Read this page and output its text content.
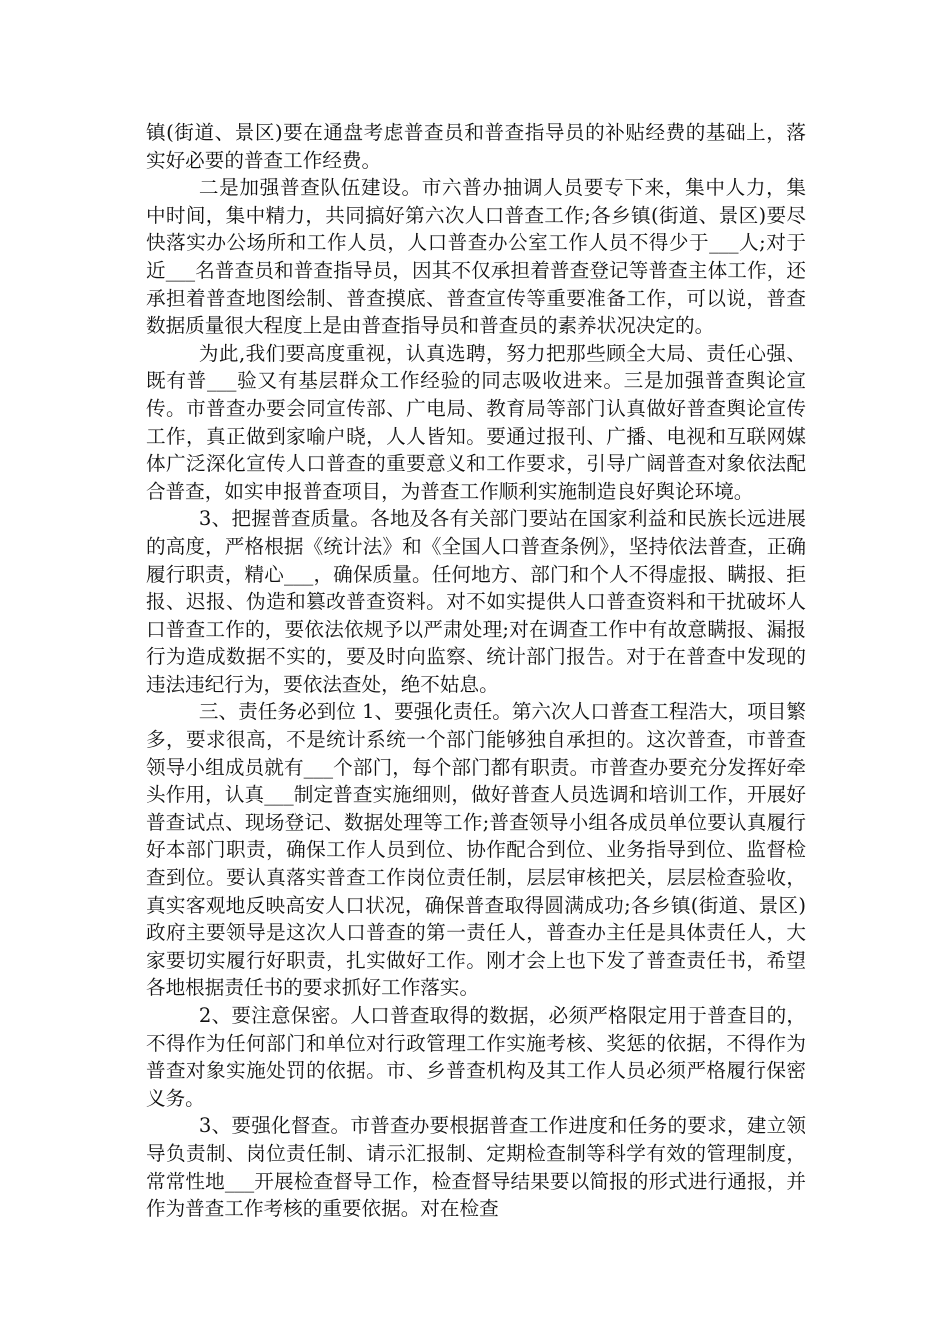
镇(街道、景区)要在通盘考虑普查员和普查指导员的补贴经费的基础上，落实好必要的普查工作经费。

二是加强普查队伍建设。市六普办抽调人员要专下来，集中人力，集中时间，集中精力，共同搞好第六次人口普查工作;各乡镇(街道、景区)要尽快落实办公场所和工作人员，人口普查办公室工作人员不得少于___人;对于近___名普查员和普查指导员，因其不仅承担着普查登记等普查主体工作，还承担着普查地图绘制、普查摸底、普查宣传等重要准备工作，可以说，普查数据质量很大程度上是由普查指导员和普查员的素养状况决定的。

为此,我们要高度重视，认真选聘，努力把那些顾全大局、责任心强、既有普___验又有基层群众工作经验的同志吸收进来。三是加强普查舆论宣传。市普查办要会同宣传部、广电局、教育局等部门认真做好普查舆论宣传工作，真正做到家喻户晓，人人皆知。要通过报刊、广播、电视和互联网媒体广泛深化宣传人口普查的重要意义和工作要求，引导广阔普查对象依法配合普查，如实申报普查项目，为普查工作顺利实施制造良好舆论环境。

3、把握普查质量。各地及各有关部门要站在国家利益和民族长远进展的高度，严格根据《统计法》和《全国人口普查条例》，坚持依法普查，正确履行职责，精心___，确保质量。任何地方、部门和个人不得虚报、瞒报、拒报、迟报、伪造和篡改普查资料。对不如实提供人口普查资料和干扰破坏人口普查工作的，要依法依规予以严肃处理;对在调查工作中有故意瞒报、漏报行为造成数据不实的，要及时向监察、统计部门报告。对于在普查中发现的违法违纪行为，要依法查处，绝不姑息。

三、责任务必到位 1、要强化责任。第六次人口普查工程浩大，项目繁多，要求很高，不是统计系统一个部门能够独自承担的。这次普查，市普查领导小组成员就有___个部门，每个部门都有职责。市普查办要充分发挥好牵头作用，认真___制定普查实施细则，做好普查人员选调和培训工作，开展好普查试点、现场登记、数据处理等工作;普查领导小组各成员单位要认真履行好本部门职责，确保工作人员到位、协作配合到位、业务指导到位、监督检查到位。要认真落实普查工作岗位责任制，层层审核把关，层层检查验收，真实客观地反映高安人口状况，确保普查取得圆满成功;各乡镇(街道、景区)政府主要领导是这次人口普查的第一责任人，普查办主任是具体责任人，大家要切实履行好职责，扎实做好工作。刚才会上也下发了普查责任书，希望各地根据责任书的要求抓好工作落实。

2、要注意保密。人口普查取得的数据，必须严格限定用于普查目的，不得作为任何部门和单位对行政管理工作实施考核、奖惩的依据，不得作为普查对象实施处罚的依据。市、乡普查机构及其工作人员必须严格履行保密义务。

3、要强化督查。市普查办要根据普查工作进度和任务的要求，建立领导负责制、岗位责任制、请示汇报制、定期检查制等科学有效的管理制度，常常性地___开展检查督导工作，检查督导结果要以简报的形式进行通报，并作为普查工作考核的重要依据。对在检查
